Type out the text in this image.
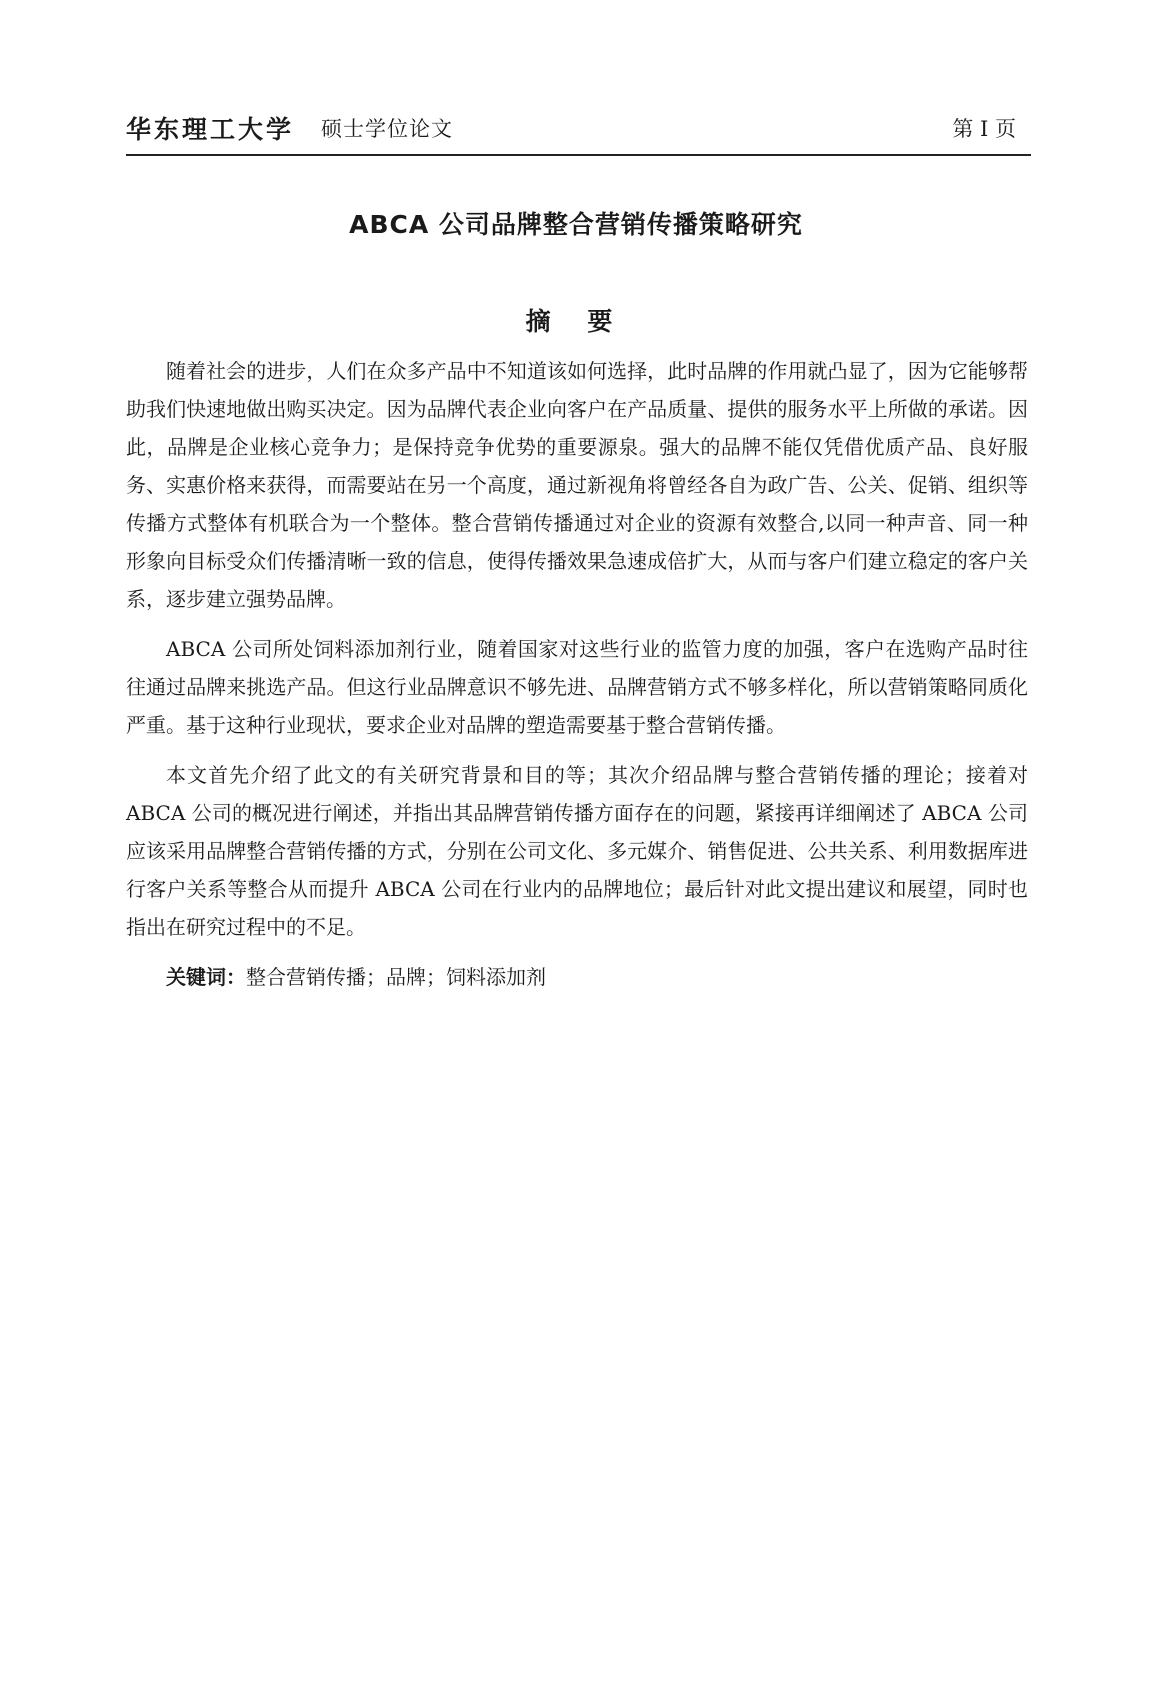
华东理工大学 硕士学位论文	第 I 页
ABCA 公司品牌整合营销传播策略研究
摘 要

随着社会的进步，人们在众多产品中不知道该如何选择，此时品牌的作用就凸显了，因为它能够帮助我们快速地做出购买决定。因为品牌代表企业向客户在产品质量、提供的服务水平上所做的承诺。因此，品牌是企业核心竞争力；是保持竞争优势的重要源泉。强大的品牌不能仅凭借优质产品、良好服务、实惠价格来获得，而需要站在另一个高度，通过新视角将曾经各自为政广告、公关、促销、组织等传播方式整体有机联合为一个整体。整合营销传播通过对企业的资源有效整合,以同一种声音、同一种形象向目标受众们传播清晰一致的信息，使得传播效果急速成倍扩大，从而与客户们建立稳定的客户关系，逐步建立强势品牌。

ABCA 公司所处饲料添加剂行业，随着国家对这些行业的监管力度的加强，客户在选购产品时往往通过品牌来挑选产品。但这行业品牌意识不够先进、品牌营销方式不够多样化，所以营销策略同质化严重。基于这种行业现状，要求企业对品牌的塑造需要基于整合营销传播。

本文首先介绍了此文的有关研究背景和目的等；其次介绍品牌与整合营销传播的理论；接着对 ABCA 公司的概况进行阐述，并指出其品牌营销传播方面存在的问题，紧接再详细阐述了 ABCA 公司应该采用品牌整合营销传播的方式，分别在公司文化、多元媒介、销售促进、公共关系、利用数据库进行客户关系等整合从而提升 ABCA 公司在行业内的品牌地位；最后针对此文提出建议和展望，同时也指出在研究过程中的不足。

关键词：整合营销传播；品牌；饲料添加剂
